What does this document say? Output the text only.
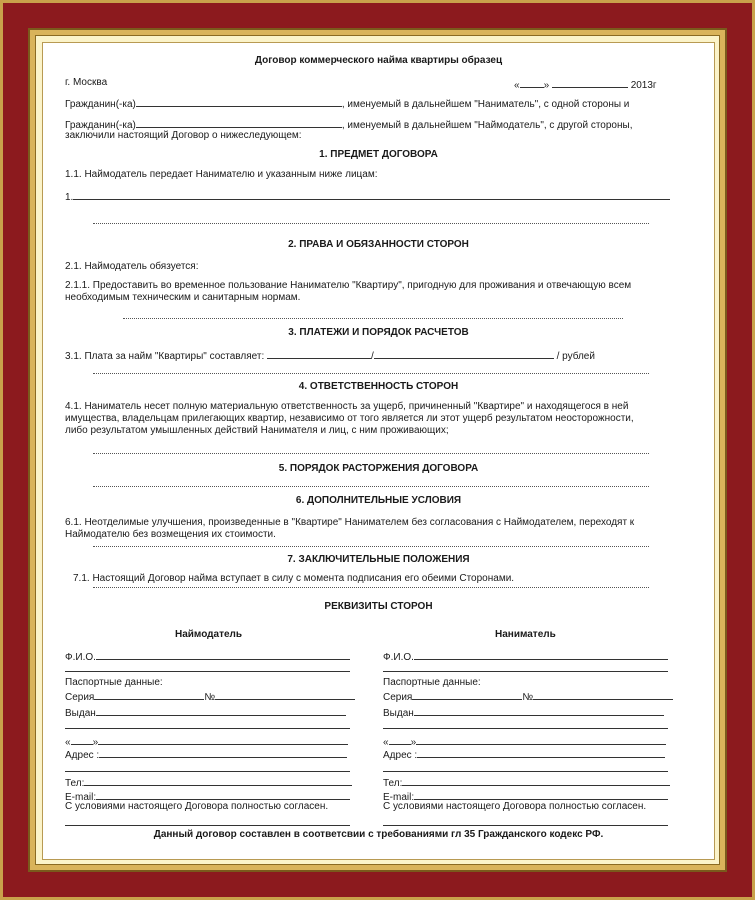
Договор коммерческого найма квартиры образец
г. Москва	« »	2013г
Гражданин(-ка)	, именуемый в дальнейшем "Наниматель", с одной стороны и
Гражданин(-ка)	, именуемый в дальнейшем "Наймодатель", с другой стороны,
заключили настоящий Договор о нижеследующем:
1. ПРЕДМЕТ ДОГОВОРА
1.1. Наймодатель передает Нанимателю и указанным ниже лицам:
1.
2. ПРАВА И ОБЯЗАННОСТИ СТОРОН
2.1. Наймодатель обязуется:
2.1.1. Предоставить во временное пользование Нанимателю "Квартиру", пригодную для проживания и отвечающую всем
необходимым техническим и санитарным нормам.
3. ПЛАТЕЖИ И ПОРЯДОК РАСЧЕТОВ
3.1. Плата за найм "Квартиры" составляет:	/	/ рублей
4. ОТВЕТСТВЕННОСТЬ СТОРОН
4.1. Наниматель несет полную материальную ответственность за ущерб, причиненный "Квартире" и находящегося в ней
имущества, владельцам прилегающих квартир, независимо от того является ли этот ущерб результатом неосторожности,
либо результатом умышленных действий Нанимателя и лиц, с ним проживающих;
5. ПОРЯДОК РАСТОРЖЕНИЯ ДОГОВОРА
6. ДОПОЛНИТЕЛЬНЫЕ УСЛОВИЯ
6.1. Неотделимые улучшения, произведенные в "Квартире" Нанимателем без согласования с Наймодателем, переходят к
Наймодателю без возмещения их стоимости.
7. ЗАКЛЮЧИТЕЛЬНЫЕ ПОЛОЖЕНИЯ
7.1. Настоящий Договор найма вступает в силу с момента подписания его обеими Сторонами.
РЕКВИЗИТЫ СТОРОН
Наймодатель
Ф.И.О.
Паспортные данные:
Серия	№
Выдан
« »
Адрес :
Тел:
E-mail:
С условиями настоящего Договора полностью согласен.
Наниматель
Ф.И.О.
Паспортные данные:
Серия	№
Выдан
« »
Адрес :
Тел:
E-mail:
С условиями настоящего Договора полностью согласен.
Данный договор составлен в соответсвии с требованиями гл 35 Гражданского кодекс РФ.
